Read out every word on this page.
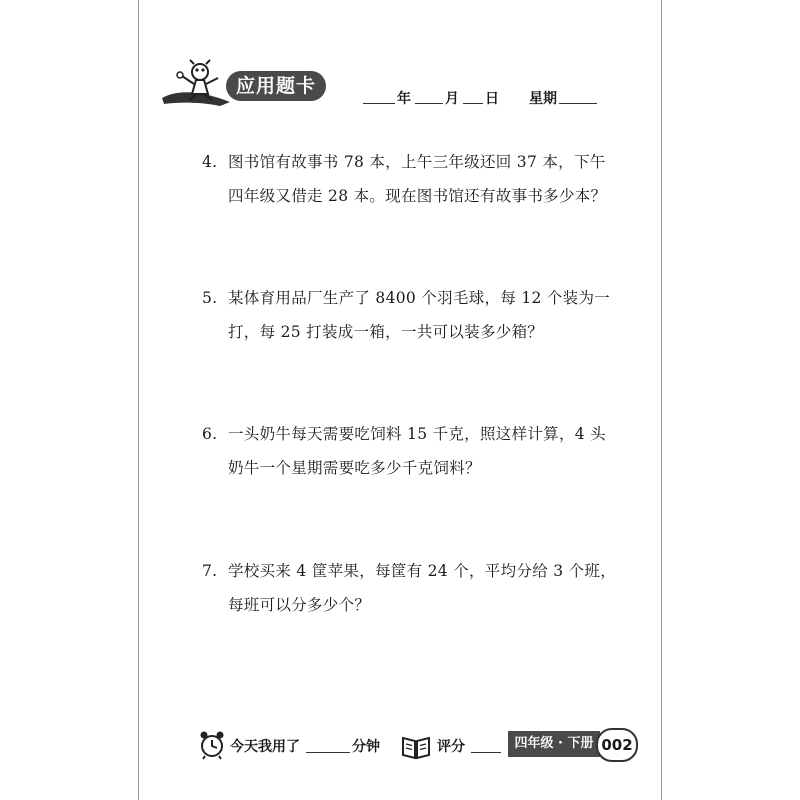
应用题卡
年 月 日 星期
4. 图书馆有故事书 78 本，上午三年级还回 37 本，下午
四年级又借走 28 本。现在图书馆还有故事书多少本？
5. 某体育用品厂生产了 8400 个羽毛球，每 12 个装为一
打，每 25 打装成一箱，一共可以装多少箱？
6. 一头奶牛每天需要吃饲料 15 千克，照这样计算，4 头
奶牛一个星期需要吃多少千克饲料？
7. 学校买来 4 筐苹果，每筐有 24 个，平均分给 3 个班，
每班可以分多少个？
今天我用了	分钟	评分	四年级 · 下册 002
